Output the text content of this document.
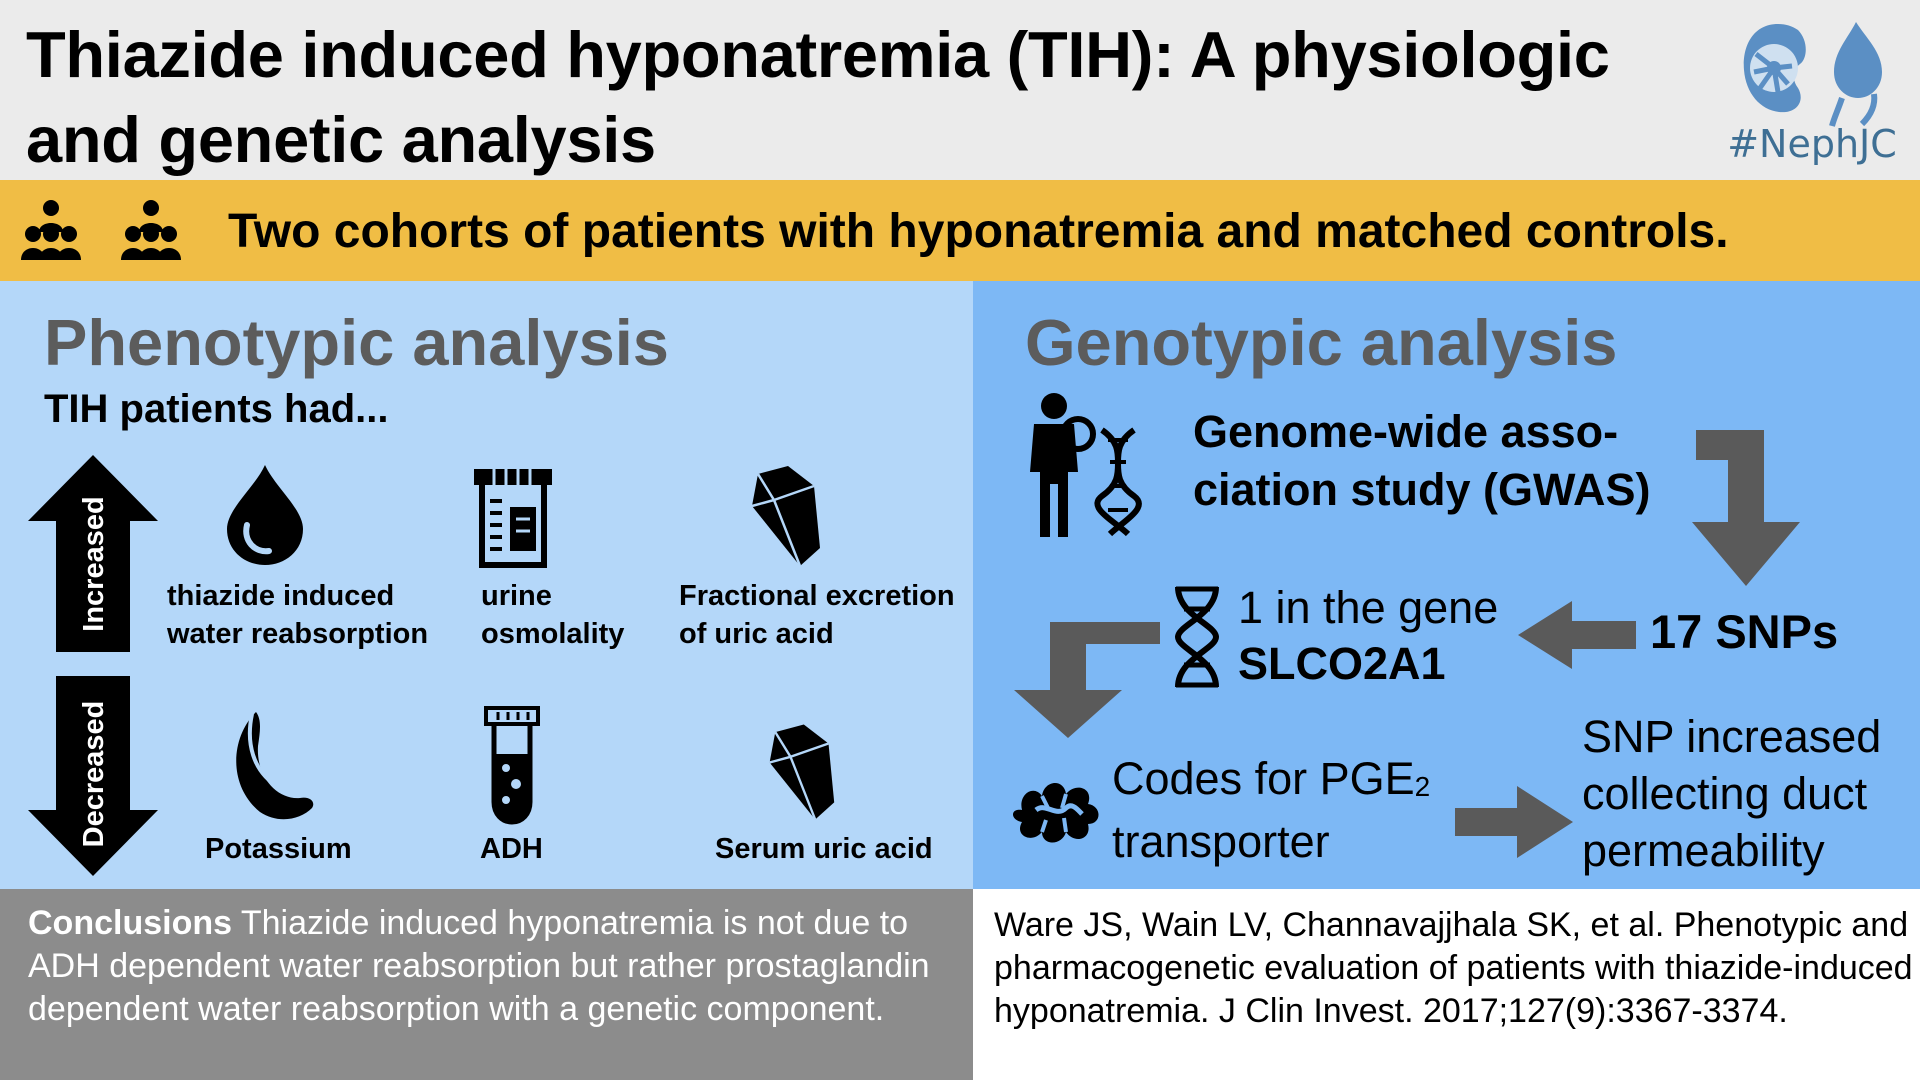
Thiazide induced hyponatremia (TIH): A physiologic and genetic analysis	#NephJC
Two cohorts of patients with hyponatremia and matched controls.
Phenotypic analysis
TIH patients had...
Increased
Decreased
thiazide induced
water reabsorption
urine
osmolality
Fractional excretion
of uric acid
Potassium	ADH	Serum uric acid
Genotypic analysis
Genome-wide asso-
ciation study (GWAS)
17 SNPs
1 in the gene
SLCO2A1
Codes for $PGE_2$
transporter
SNP increased
collecting duct
permeability
Conclusions Thiazide induced hyponatremia is not due to ADH dependent water reabsorption but rather prostaglandin dependent water reabsorption with a genetic component.
Ware JS, Wain LV, Channavajjhala SK, et al. Phenotypic and pharmacogenetic evaluation of patients with thiazide-induced hyponatremia. J Clin Invest. 2017;127(9):3367-3374.
